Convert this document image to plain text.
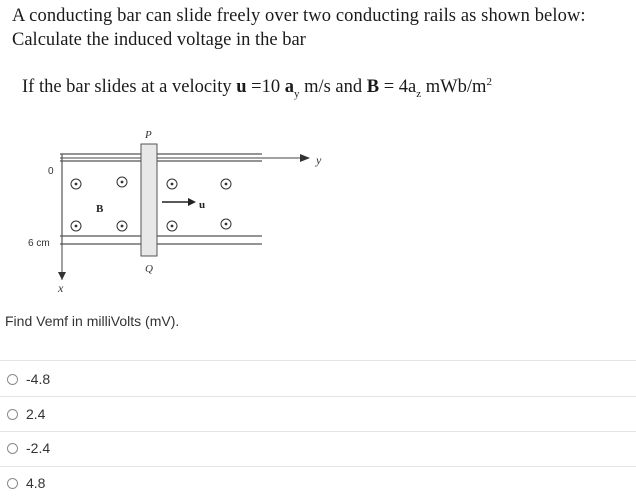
A conducting bar can slide freely over two conducting rails as shown below:
Calculate the induced voltage in the bar
If the bar slides at a velocity u =10 $a_y$ m/s and $B = 4a_z$ mWb/$m^2$
y
x
0
6 cm
P
Q
u
B
Find Vemf in milliVolts (mV).
-4.8
2.4
-2.4
4.8
